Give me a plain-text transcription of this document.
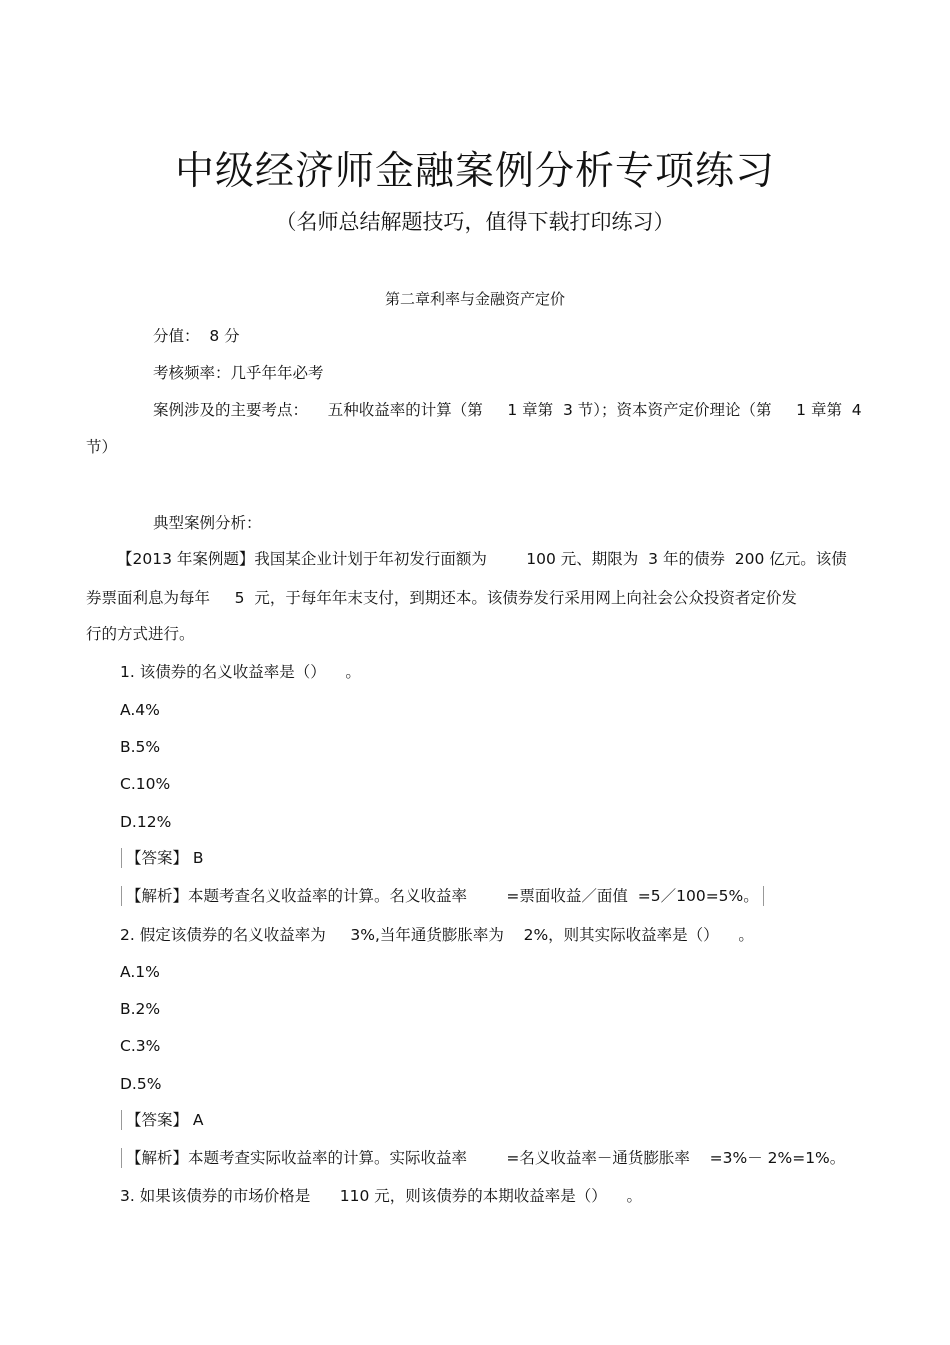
中级经济师金融案例分析专项练习
（名师总结解题技巧，值得下载打印练习）
第二章利率与金融资产定价
分值：  8 分
考核频率：几乎年年必考
案例涉及的主要考点：    五种收益率的计算（第     1 章第  3 节）；资本资产定价理论（第     1 章第  4
节）
典型案例分析：
【2013 年案例题】我国某企业计划于年初发行面额为        100 元、期限为  3 年的债券  200 亿元。该债
券票面利息为每年     5  元，于每年年末支付，到期还本。该债券发行采用网上向社会公众投资者定价发
行的方式进行。
1. 该债券的名义收益率是（）    。
A.4%
B.5%
C.10%
D.12%
【答案】 B
【解析】本题考查名义收益率的计算。名义收益率        =票面收益／面值  =5／100=5%。
2. 假定该债券的名义收益率为     3%,当年通货膨胀率为    2%，则其实际收益率是（）    。
A.1%
B.2%
C.3%
D.5%
【答案】 A
【解析】本题考查实际收益率的计算。实际收益率        =名义收益率－通货膨胀率    =3%－ 2%=1%。
3. 如果该债券的市场价格是      110 元，则该债券的本期收益率是（）    。
